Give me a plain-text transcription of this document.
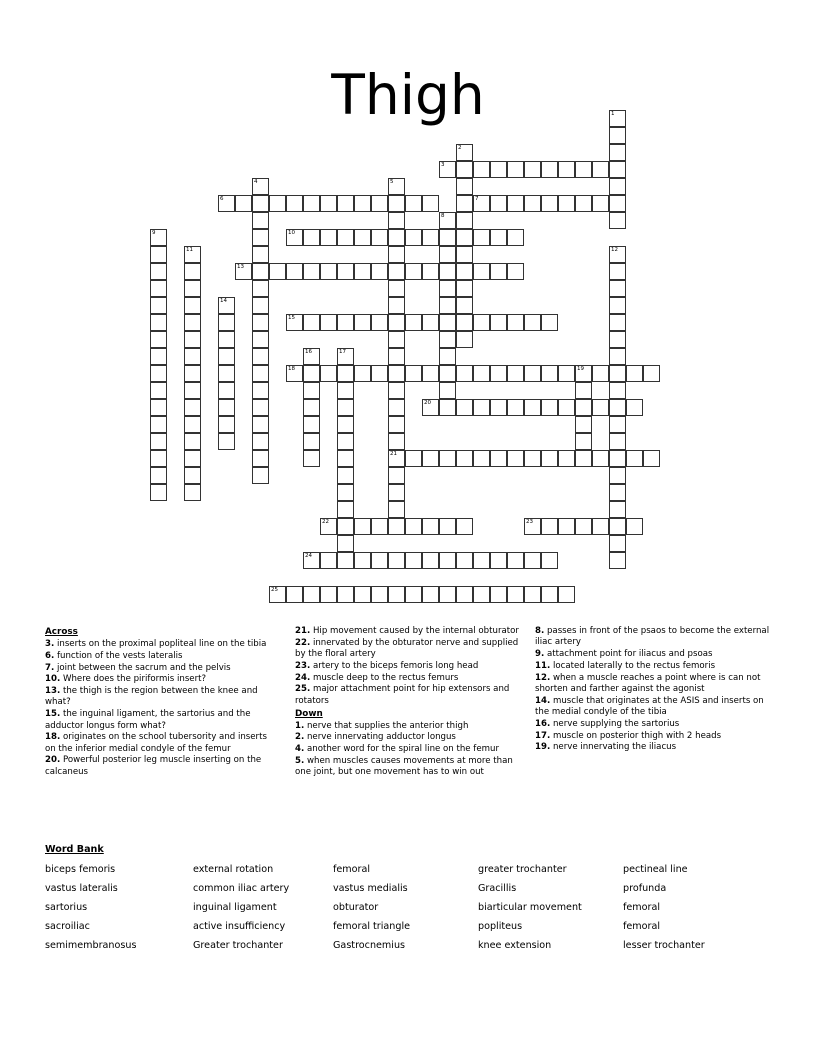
Thigh	1
2
3
4	5
21
6	7
8
9	10
11	12
13
14
15
16	17
18	19
20
22	23
24
25
Across
3. inserts on the proximal popliteal line on the tibia
6. function of the vests lateralis
7. joint between the sacrum and the pelvis
10. Where does the piriformis insert?
13. the thigh is the region between the knee and what?
15. the inguinal ligament, the sartorius and the adductor longus form what?
18. originates on the school tubersority and inserts on the inferior medial condyle of the femur
20. Powerful posterior leg muscle inserting on the calcaneus
21. Hip movement caused by the internal obturator
22. innervated by the obturator nerve and supplied by the floral artery
23. artery to the biceps femoris long head
24. muscle deep to the rectus femurs
25. major attachment point for hip extensors and rotators
Down
1. nerve that supplies the anterior thigh
2. nerve innervating adductor longus
4. another word for the spiral line on the femur
5. when muscles causes movements at more than one joint, but one movement has to win out
8. passes in front of the psaos to become the external iliac artery
9. attachment point for iliacus and psoas
11. located laterally to the rectus femoris
12. when a muscle reaches a point where is can not shorten and farther against the agonist
14. muscle that originates at the ASIS and inserts on the medial condyle of the tibia
16. nerve supplying the sartorius
17. muscle on posterior thigh with 2 heads
19. nerve innervating the iliacus
Word Bank
biceps femoris	external rotation	femoral	greater trochanter	pectineal line
vastus lateralis	common iliac artery	vastus medialis	Gracillis	profunda
sartorius	inguinal ligament	obturator	biarticular movement	femoral
sacroiliac	active insufficiency	femoral triangle	popliteus	femoral
semimembranosus	Greater trochanter	Gastrocnemius	knee extension	lesser trochanter
